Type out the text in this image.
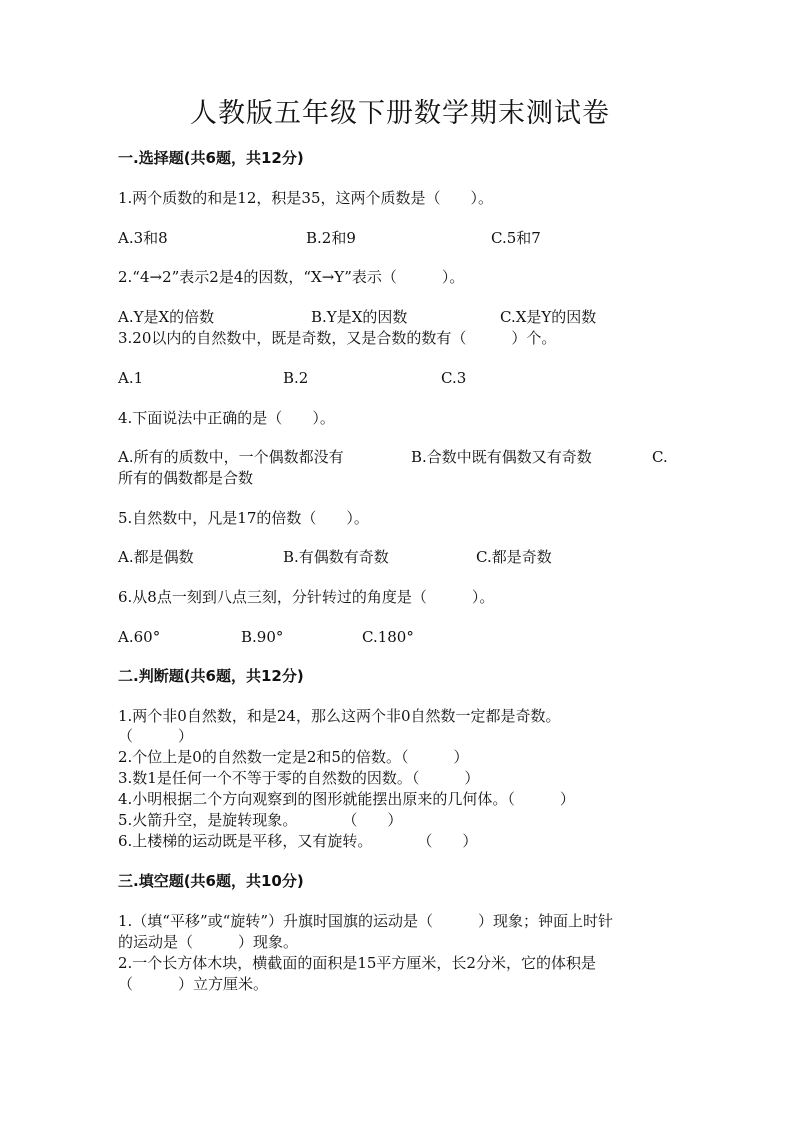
人教版五年级下册数学期末测试卷
一.选择题(共6题，共12分)
1.两个质数的和是12，积是35，这两个质数是（　　）。
A.3和8	B.2和9	C.5和7
2.“4→2”表示2是4的因数，“X→Y”表示（　　　）。
A.Y是X的倍数	B.Y是X的因数	C.X是Y的因数
3.20以内的自然数中，既是奇数，又是合数的数有（　　　）个。
A.1	B.2	C.3
4.下面说法中正确的是（　　）。
A.所有的质数中，一个偶数都没有	B.合数中既有偶数又有奇数	C.
所有的偶数都是合数
5.自然数中，凡是17的倍数（　　）。
A.都是偶数	B.有偶数有奇数	C.都是奇数
6.从8点一刻到八点三刻，分针转过的角度是（　　　）。
A.60°	B.90°	C.180°
二.判断题(共6题，共12分)
1.两个非0自然数，和是24，那么这两个非0自然数一定都是奇数。
（　　　）
2.个位上是0的自然数一定是2和5的倍数。（　　　）
3.数1是任何一个不等于零的自然数的因数。（　　　）
4.小明根据二个方向观察到的图形就能摆出原来的几何体。（　　　）
5.火箭升空，是旋转现象。　　　　（　　）
6.上楼梯的运动既是平移，又有旋转。　　　　（　　）
三.填空题(共6题，共10分)
1.（填“平移”或“旋转”）升旗时国旗的运动是（　　　）现象；钟面上时针
的运动是（　　　）现象。
2.一个长方体木块，横截面的面积是15平方厘米，长2分米，它的体积是
（　　　）立方厘米。
